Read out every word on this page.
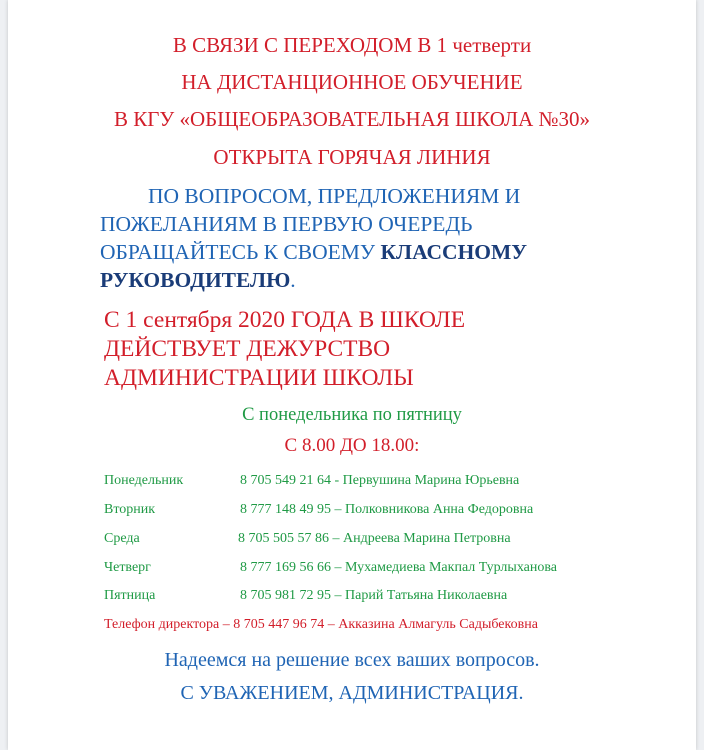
В СВЯЗИ С ПЕРЕХОДОМ В 1 четверти
НА ДИСТАНЦИОННОЕ ОБУЧЕНИЕ
В КГУ «ОБЩЕОБРАЗОВАТЕЛЬНАЯ ШКОЛА №30»
ОТКРЫТА ГОРЯЧАЯ ЛИНИЯ
ПО ВОПРОСОМ, ПРЕДЛОЖЕНИЯМ И
ПОЖЕЛАНИЯМ В ПЕРВУЮ ОЧЕРЕДЬ
ОБРАЩАЙТЕСЬ К СВОЕМУ КЛАССНОМУ
РУКОВОДИТЕЛЮ.
С 1 сентября 2020 ГОДА В ШКОЛЕ
ДЕЙСТВУЕТ ДЕЖУРСТВО
АДМИНИСТРАЦИИ ШКОЛЫ
С понедельника по пятницу
С 8.00 ДО 18.00:
Понедельник	8 705 549 21 64 - Первушина Марина Юрьевна
Вторник	8 777 148 49 95 – Полковникова Анна Федоровна
Среда	8 705 505 57 86 – Андреева Марина Петровна
Четверг	8 777 169 56 66 – Мухамедиева Макпал Турлыханова
Пятница	8 705 981 72 95 – Парий Татьяна Николаевна
Телефон директора – 8 705 447 96 74 – Акказина Алмагуль Садыбековна
Надеемся на решение всех ваших вопросов.
С УВАЖЕНИЕМ, АДМИНИСТРАЦИЯ.
